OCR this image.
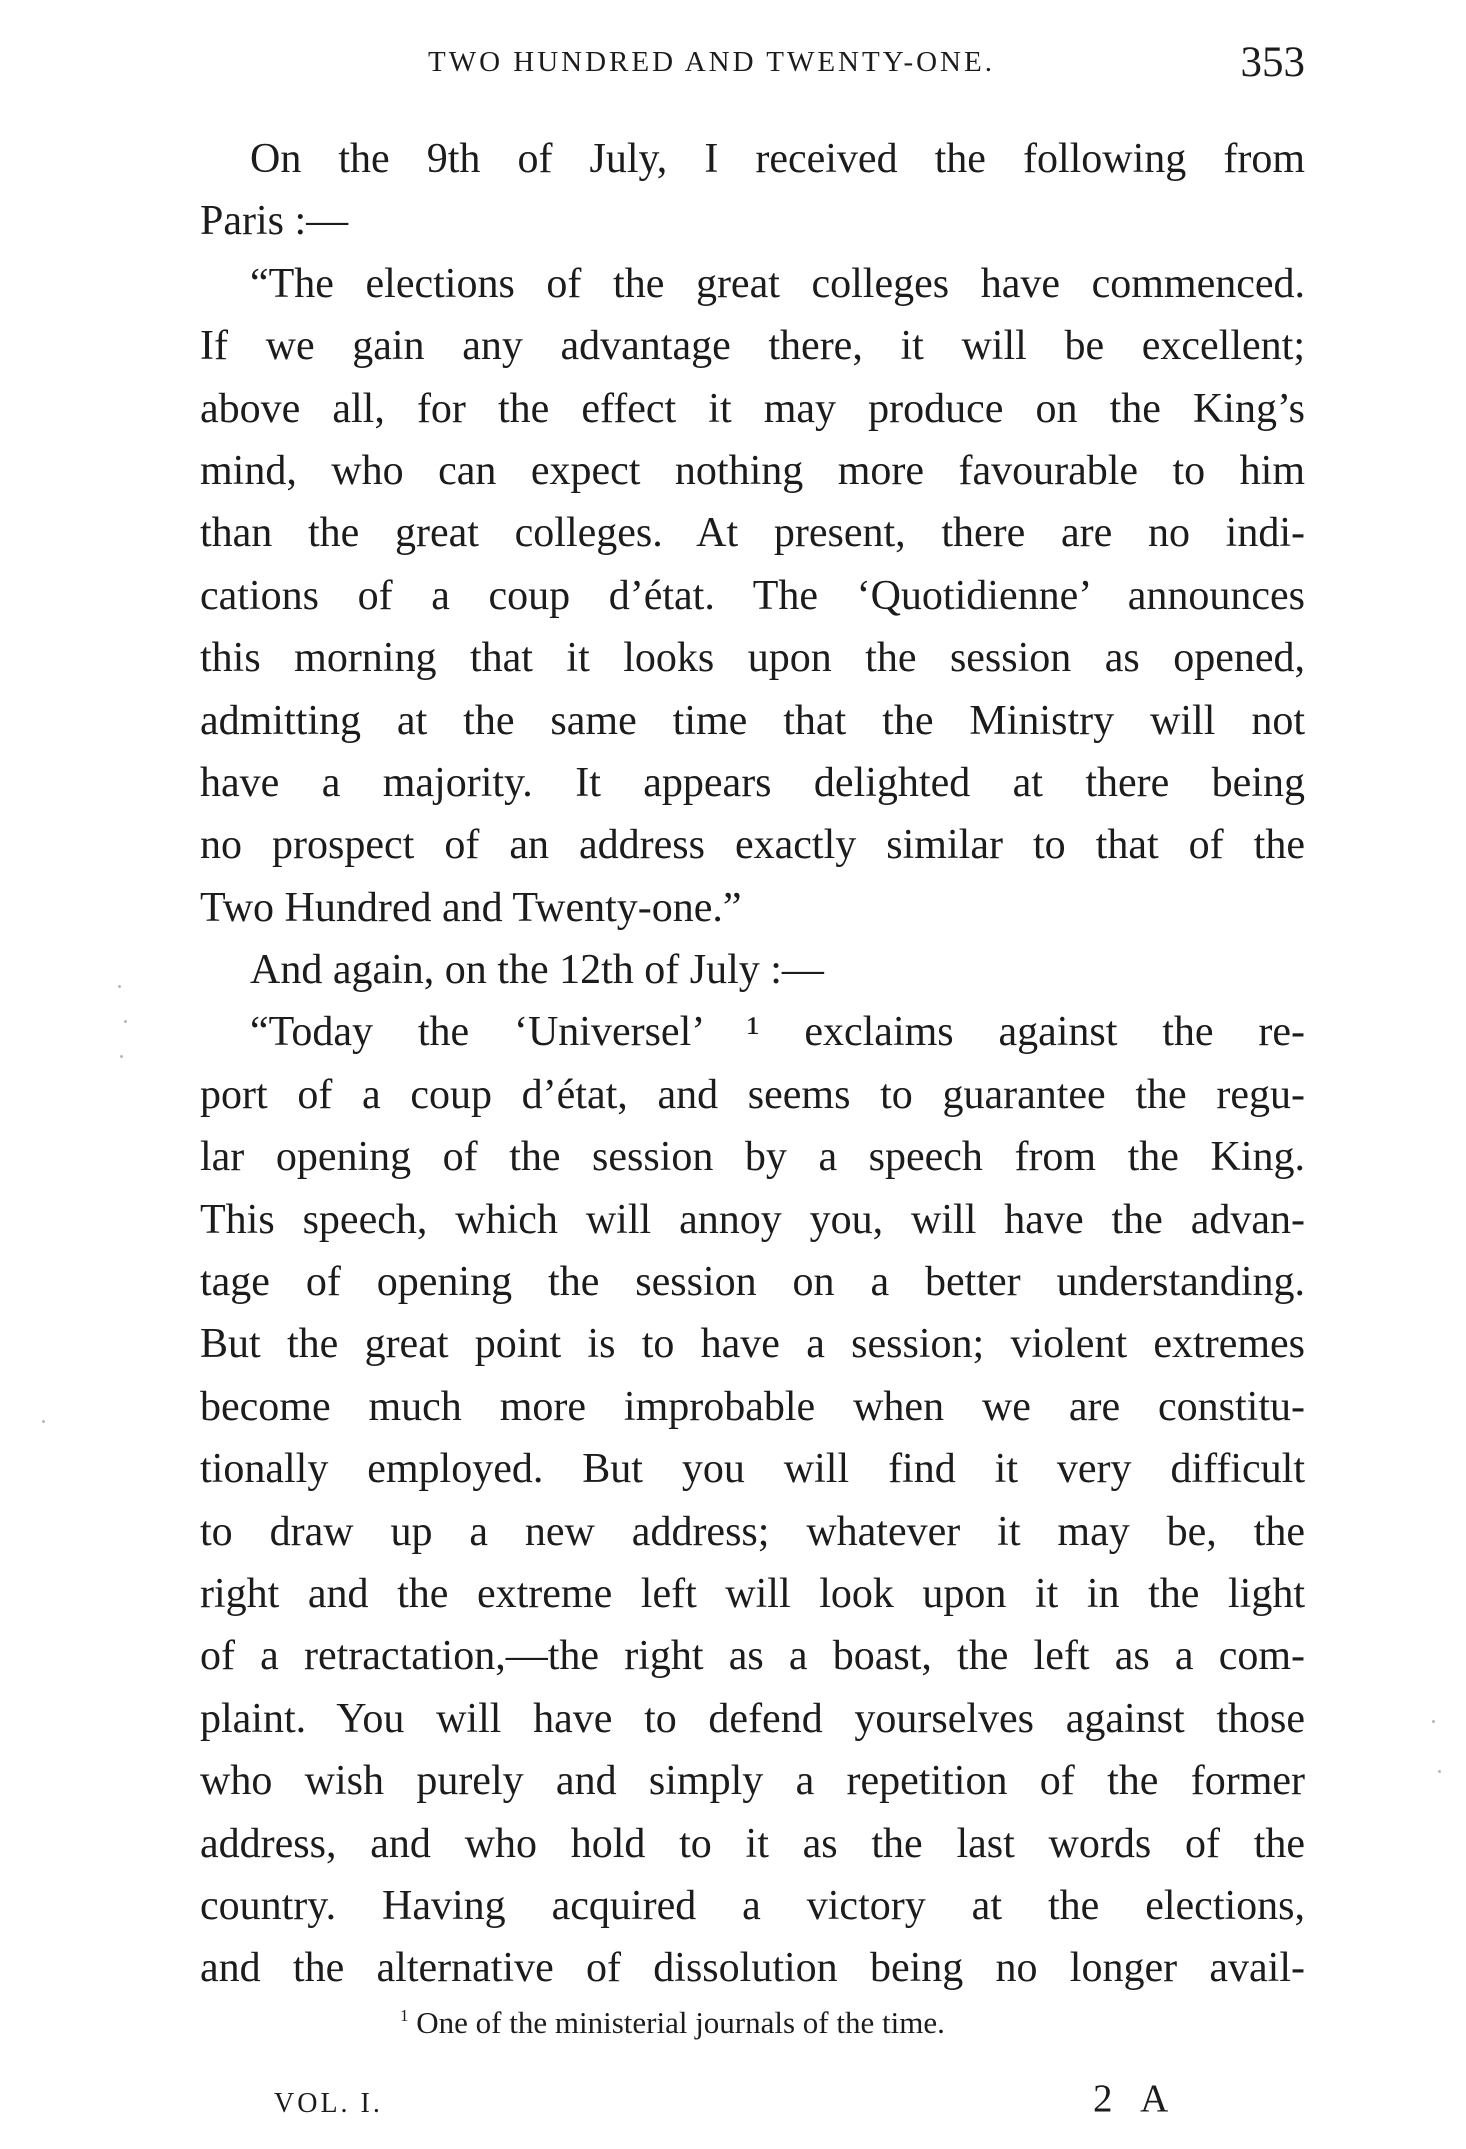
TWO HUNDRED AND TWENTY-ONE.	353
On the 9th of July, I received the following from
Paris :—
“The elections of the great colleges have commenced.
If we gain any advantage there, it will be excellent;
above all, for the effect it may produce on the King’s
mind, who can expect nothing more favourable to him
than the great colleges. At present, there are no indi-
cations of a coup d’état. The ‘Quotidienne’ announces
this morning that it looks upon the session as opened,
admitting at the same time that the Ministry will not
have a majority. It appears delighted at there being
no prospect of an address exactly similar to that of the
Two Hundred and Twenty-one.”
And again, on the 12th of July :—
“Today the ‘Universel’ ¹ exclaims against the re-
port of a coup d’état, and seems to guarantee the regu-
lar opening of the session by a speech from the King.
This speech, which will annoy you, will have the advan-
tage of opening the session on a better understanding.
But the great point is to have a session; violent extremes
become much more improbable when we are constitu-
tionally employed. But you will find it very difficult
to draw up a new address; whatever it may be, the
right and the extreme left will look upon it in the light
of a retractation,—the right as a boast, the left as a com-
plaint. You will have to defend yourselves against those
who wish purely and simply a repetition of the former
address, and who hold to it as the last words of the
country. Having acquired a victory at the elections,
and the alternative of dissolution being no longer avail-
$^1$ One of the ministerial journals of the time.
VOL. I.	2 A
